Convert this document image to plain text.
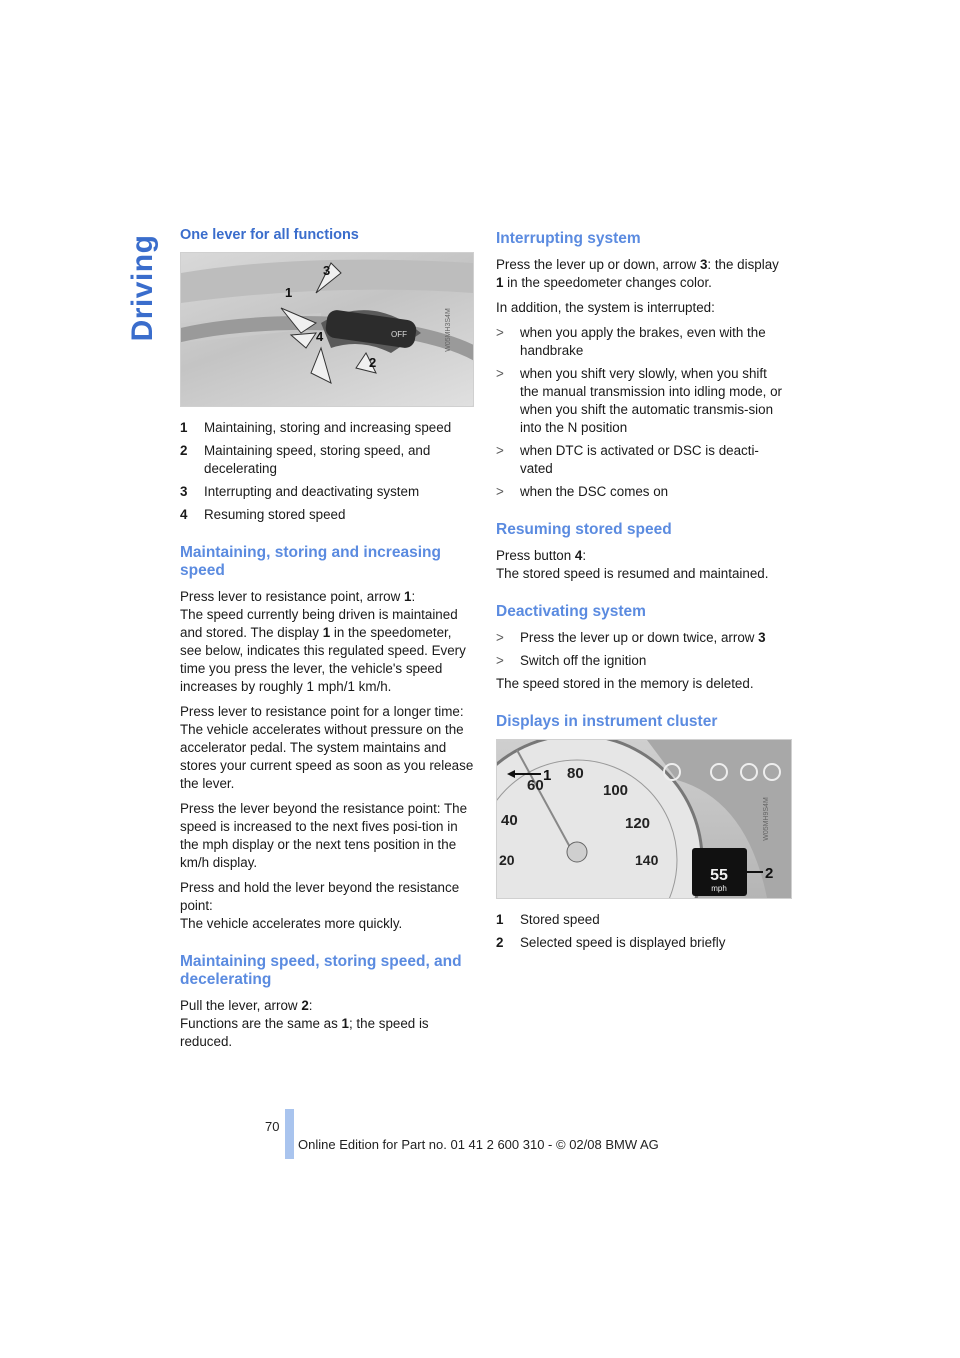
Driving One lever for all functions
OFF
1
4
3
2
W05MH3S4M
1	Maintaining, storing and increasing speed
2	Maintaining speed, storing speed, and decelerating
3	Interrupting and deactivating system
4	Resuming stored speed
Maintaining, storing and increasing speed

Press lever to resistance point, arrow 1:
The speed currently being driven is maintained and stored. The display 1 in the speedometer, see below, indicates this regulated speed. Every time you press the lever, the vehicle's speed increases by roughly 1 mph/1 km/h.

Press lever to resistance point for a longer time: The vehicle accelerates without pressure on the accelerator pedal. The system maintains and stores your current speed as soon as you release the lever.

Press the lever beyond the resistance point: The speed is increased to the next fives posi-tion in the mph display or the next tens position in the km/h display.

Press and hold the lever beyond the resistance point:
The vehicle accelerates more quickly.

Maintaining speed, storing speed, and decelerating

Pull the lever, arrow 2:
Functions are the same as 1; the speed is reduced.

Interrupting system

Press the lever up or down, arrow 3: the display 1 in the speedometer changes color.

In addition, the system is interrupted:

>	when you apply the brakes, even with the handbrake
>	when you shift very slowly, when you shift the manual transmission into idling mode, or when you shift the automatic transmis-sion into the N position
>	when DTC is activated or DSC is deacti-vated
>	when the DSC comes on
Resuming stored speed

Press button 4:
The stored speed is resumed and maintained.

Deactivating system
>	Press the lever up or down twice, arrow 3
>	Switch off the ignition

The speed stored in the memory is deleted.

Displays in instrument cluster
60
80
100
120
40
20	140
55
mph
1
2
W05MH9S4M
1	Stored speed
2	Selected speed is displayed briefly
70
Online Edition for Part no. 01 41 2 600 310 - © 02/08 BMW AG
